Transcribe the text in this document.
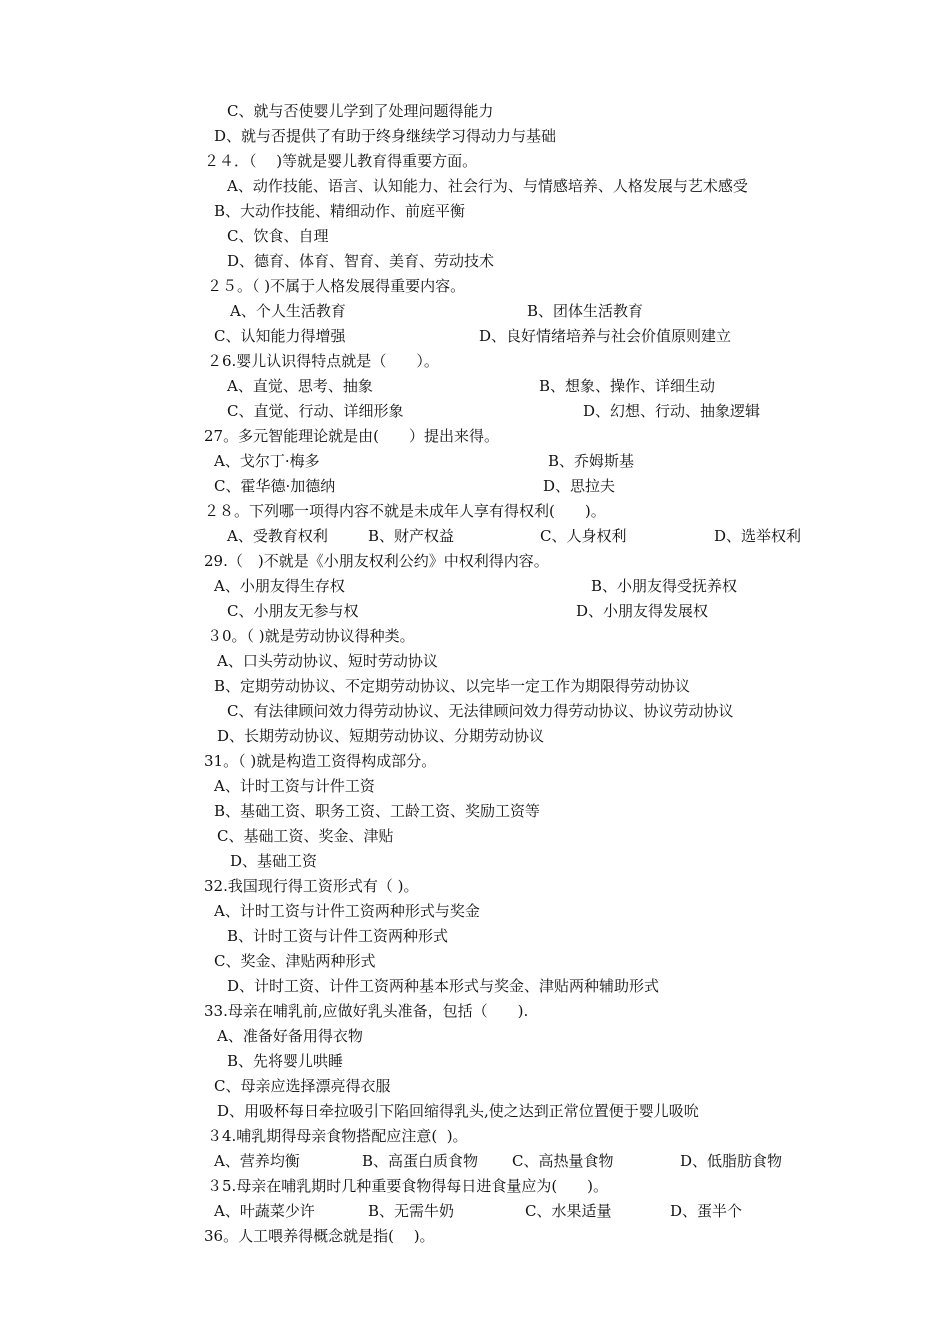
C、就与否使婴儿学到了处理问题得能力
D、就与否提供了有助于终身继续学习得动力与基础
２４．（　 )等就是婴儿教育得重要方面。
A、动作技能、语言、认知能力、社会行为、与情感培养、人格发展与艺术感受
B、大动作技能、精细动作、前庭平衡
C、饮食、自理
D、德育、体育、智育、美育、劳动技术
２５。（ )不属于人格发展得重要内容。
A、个人生活教育	B、团体生活教育
C、认知能力得增强	D、良好情绪培养与社会价值原则建立
２6.婴儿认识得特点就是（　　）。
A、直觉、思考、抽象	B、想象、操作、详细生动
C、直觉、行动、详细形象	D、幻想、行动、抽象逻辑
27。多元智能理论就是由(　　）提出来得。
A、戈尔丁·梅多	B、乔姆斯基
C、霍华德·加德纳	D、思拉夫
２８。下列哪一项得内容不就是未成年人享有得权利(　　)。
A、受教育权利	B、财产权益	C、人身权利	D、选举权利
29.（　)不就是《小朋友权利公约》中权利得内容。
A、小朋友得生存权	B、小朋友得受抚养权
C、小朋友无参与权	D、小朋友得发展权
３0。（ )就是劳动协议得种类。
A、口头劳动协议、短时劳动协议
B、定期劳动协议、不定期劳动协议、以完毕一定工作为期限得劳动协议
C、有法律顾问效力得劳动协议、无法律顾问效力得劳动协议、协议劳动协议
D、长期劳动协议、短期劳动协议、分期劳动协议
31。（ )就是构造工资得构成部分。
A、计时工资与计件工资
B、基础工资、职务工资、工龄工资、奖励工资等
C、基础工资、奖金、津贴
D、基础工资
32.我国现行得工资形式有（ )。
A、计时工资与计件工资两种形式与奖金
B、计时工资与计件工资两种形式
C、奖金、津贴两种形式
D、计时工资、计件工资两种基本形式与奖金、津贴两种辅助形式
33.母亲在哺乳前,应做好乳头准备，包括（　　).
A、准备好备用得衣物
B、先将婴儿哄睡
C、母亲应选择漂亮得衣服
D、用吸杯每日牵拉吸引下陷回缩得乳头,使之达到正常位置便于婴儿吸吮
３4.哺乳期得母亲食物搭配应注意(  )。
A、营养均衡	B、高蛋白质食物 C、高热量食物	D、低脂肪食物
３5.母亲在哺乳期时几种重要食物得每日进食量应为(　　)。
A、叶蔬菜少许	B、无需牛奶	C、水果适量	D、蛋半个
36。人工喂养得概念就是指(　 )。
